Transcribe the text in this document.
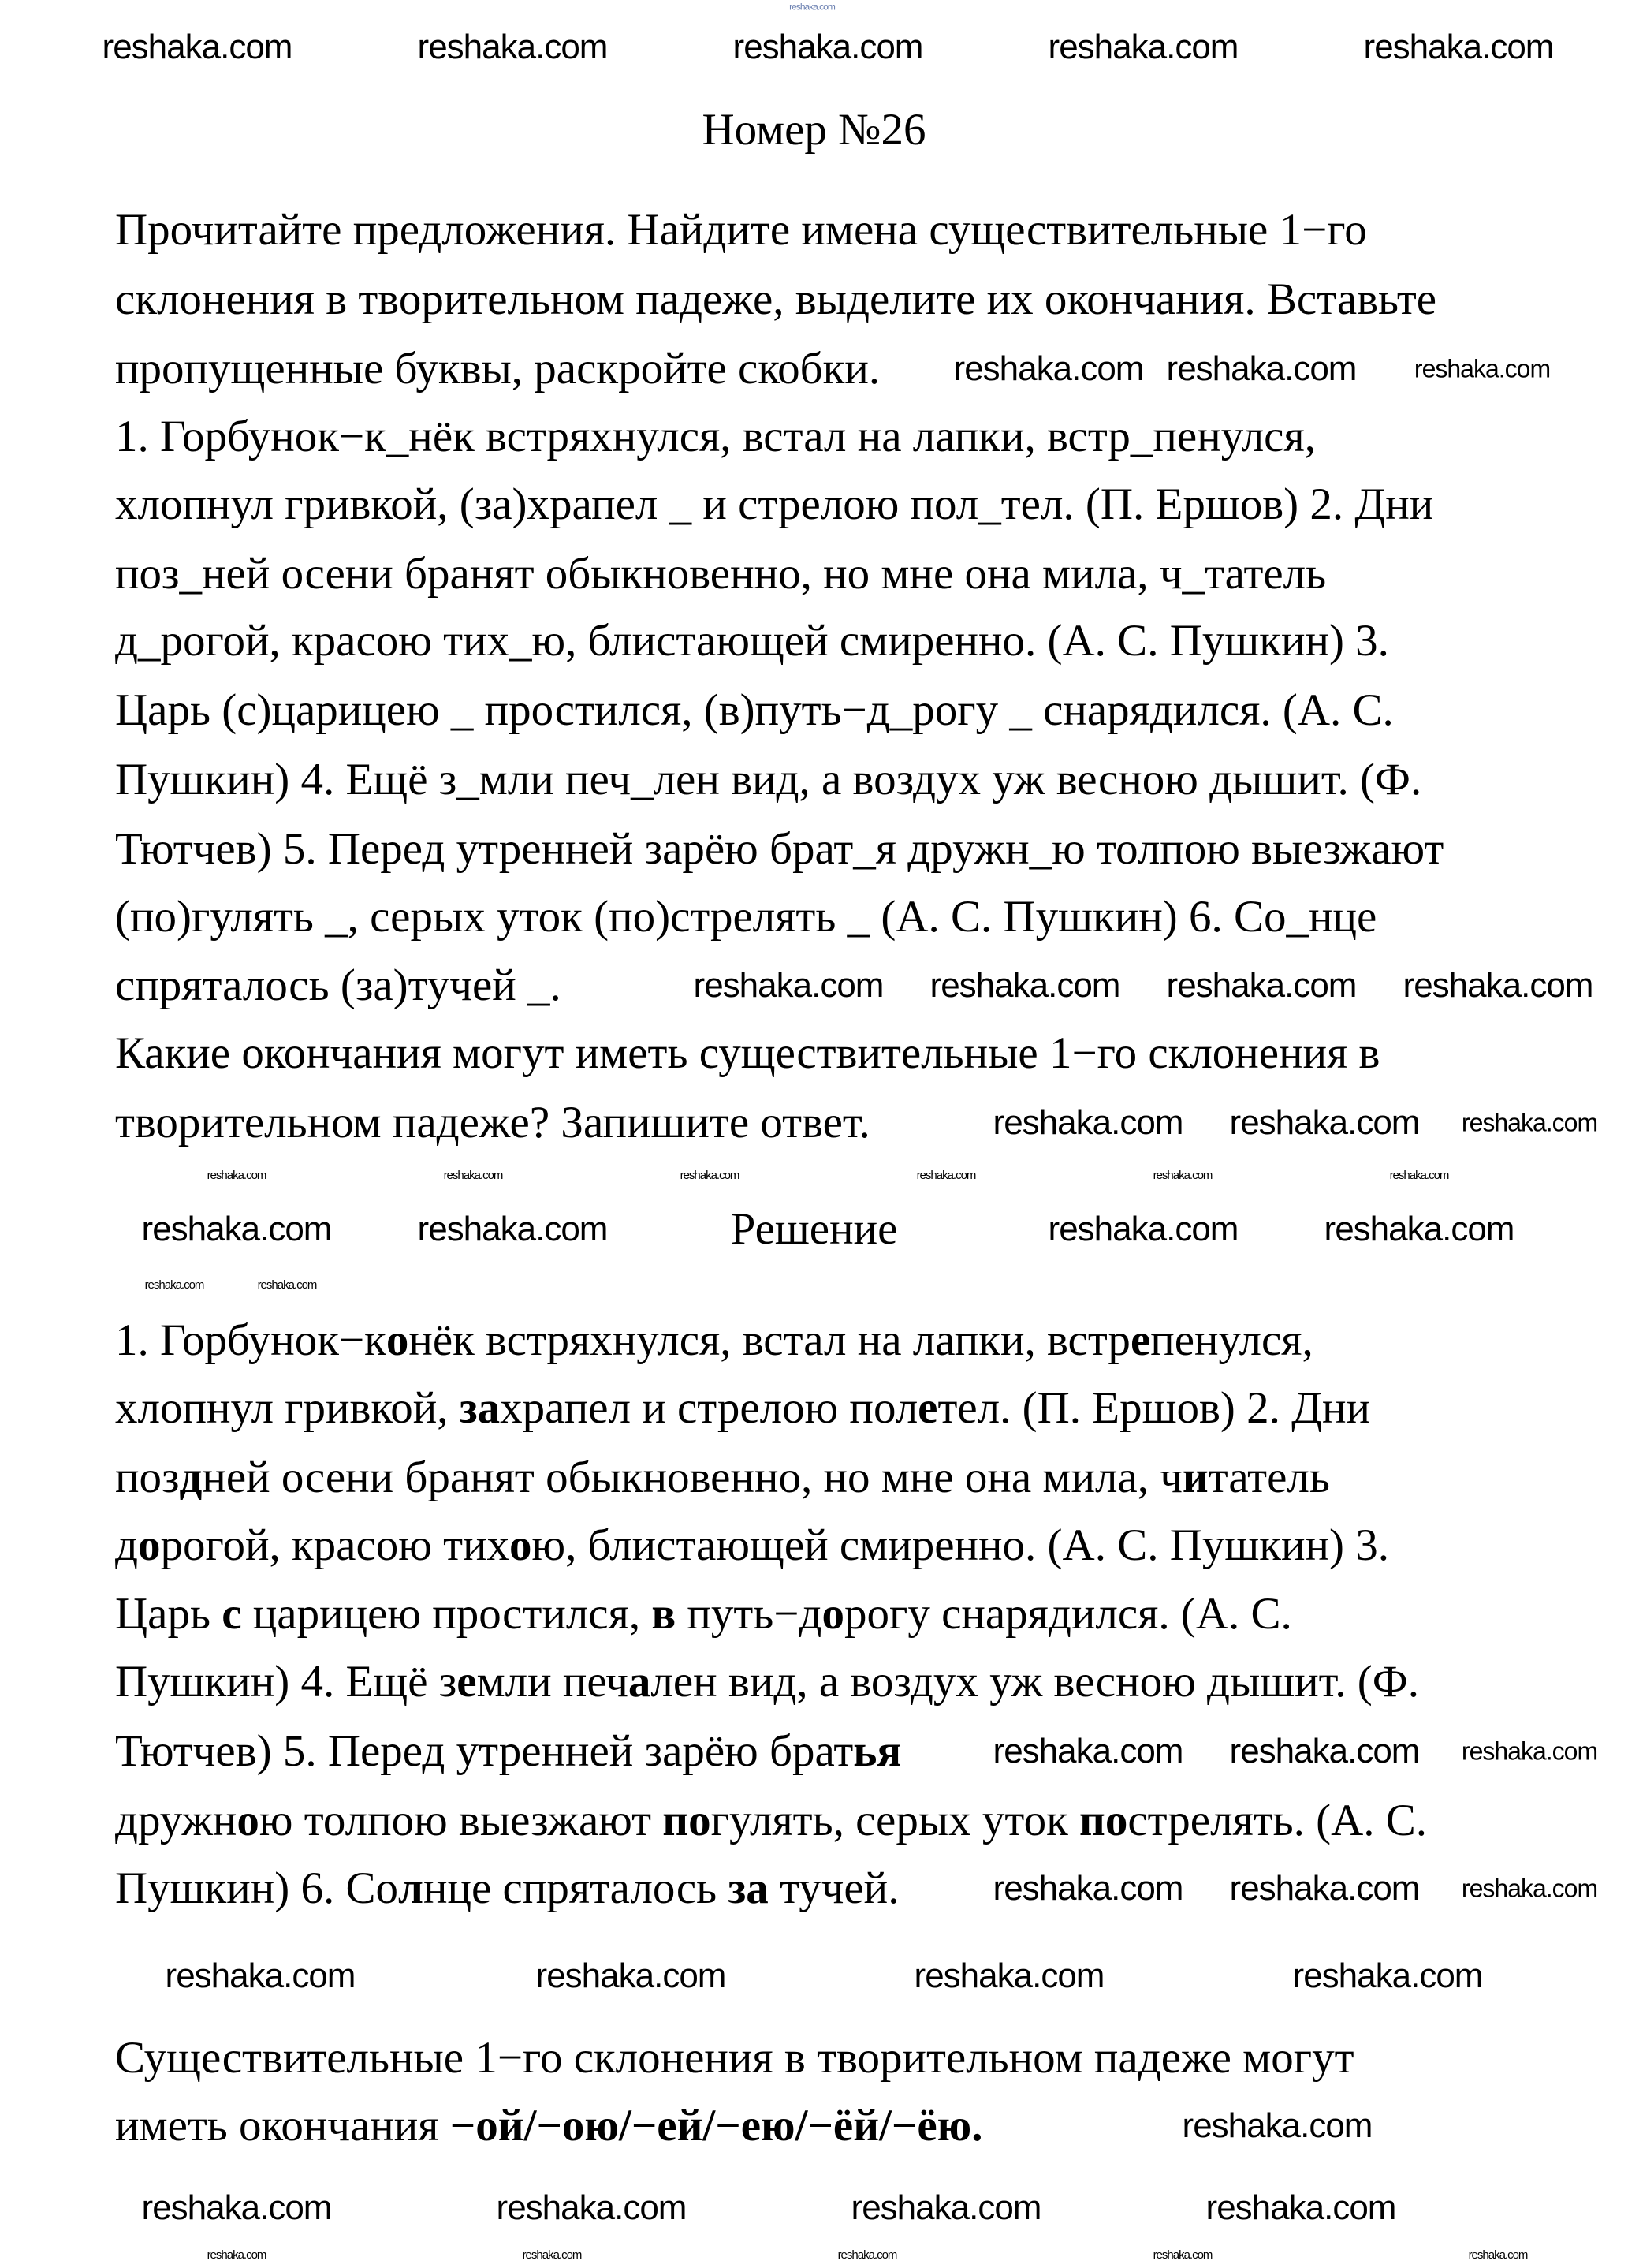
Номер №26
Прочитайте предложения. Найдите имена существительные 1−го
склонения в творительном падеже, выделите их окончания. Вставьте
пропущенные буквы, раскройте скобки.
1. Горбунок−к_нёк встряхнулся, встал на лапки, встр_пенулся,
хлопнул гривкой, (за)храпел _ и стрелою пол_тел. (П. Ершов) 2. Дни
поз_ней осени бранят обыкновенно, но мне она мила, ч_татель
д_рогой, красою тих_ю, блистающей смиренно. (А. С. Пушкин) 3.
Царь (с)царицею _ простился, (в)путь−д_рогу _ снарядился. (А. С.
Пушкин) 4. Ещё з_мли печ_лен вид, а воздух уж весною дышит. (Ф.
Тютчев) 5. Перед утренней зарёю брат_я дружн_ю толпою выезжают
(по)гулять _, серых уток (по)стрелять _ (А. С. Пушкин) 6. Со_нце
спряталось (за)тучей _.
Какие окончания могут иметь существительные 1−го склонения в
творительном падеже? Запишите ответ.
Решение
1. Горбунок−конёк встряхнулся, встал на лапки, встрепенулся,
хлопнул гривкой, захрапел и стрелою полетел. (П. Ершов) 2. Дни
поздней осени бранят обыкновенно, но мне она мила, читатель
дорогой, красою тихою, блистающей смиренно. (А. С. Пушкин) 3.
Царь с царицею простился, в путь−дорогу снарядился. (А. С.
Пушкин) 4. Ещё земли печален вид, а воздух уж весною дышит. (Ф.
Тютчев) 5. Перед утренней зарёю братья
дружною толпою выезжают погулять, серых уток пострелять. (А. С.
Пушкин) 6. Солнце спряталось за тучей.
Существительные 1−го склонения в творительном падеже могут
иметь окончания −ой/−ою/−ей/−ею/−ёй/−ёю.
reshaka.com	reshaka.com	reshaka.com	reshaka.com	reshaka.com
reshaka.com reshaka.com reshaka.com
reshaka.com reshaka.com reshaka.com reshaka.com
reshaka.com reshaka.com reshaka.com
reshaka.com	reshaka.com	reshaka.com	reshaka.com	reshaka.com	reshaka.com
reshaka.com reshaka.com	reshaka.com reshaka.com
reshaka.com	reshaka.com
reshaka.com reshaka.com reshaka.com
reshaka.com reshaka.com reshaka.com
reshaka.com	reshaka.com	reshaka.com	reshaka.com
reshaka.com
reshaka.com	reshaka.com	reshaka.com	reshaka.com
reshaka.com	reshaka.com	reshaka.com	reshaka.com	reshaka.com
reshaka.com
